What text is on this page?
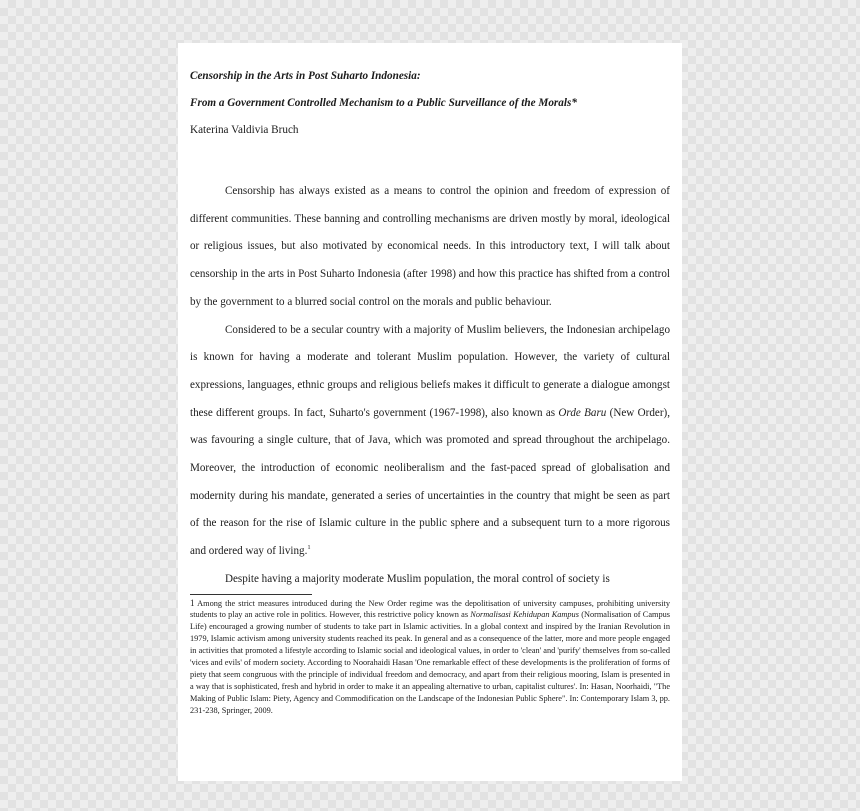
Censorship in the Arts in Post Suharto Indonesia:

From a Government Controlled Mechanism to a Public Surveillance of the Morals*

Katerina Valdivia Bruch

Censorship has always existed as a means to control the opinion and freedom of expression of different communities. These banning and controlling mechanisms are driven mostly by moral, ideological or religious issues, but also motivated by economical needs. In this introductory text, I will talk about censorship in the arts in Post Suharto Indonesia (after 1998) and how this practice has shifted from a control by the government to a blurred social control on the morals and public behaviour.

Considered to be a secular country with a majority of Muslim believers, the Indonesian archipelago is known for having a moderate and tolerant Muslim population. However, the variety of cultural expressions, languages, ethnic groups and religious beliefs makes it difficult to generate a dialogue amongst these different groups. In fact, Suharto's government (1967-1998), also known as Orde Baru (New Order), was favouring a single culture, that of Java, which was promoted and spread throughout the archipelago. Moreover, the introduction of economic neoliberalism and the fast-paced spread of globalisation and modernity during his mandate, generated a series of uncertainties in the country that might be seen as part of the reason for the rise of Islamic culture in the public sphere and a subsequent turn to a more rigorous and ordered way of living.$^1$

Despite having a majority moderate Muslim population, the moral control of society is

1 Among the strict measures introduced during the New Order regime was the depolitisation of university campuses, prohibiting university students to play an active role in politics. However, this restrictive policy known as Normalisasi Kehidupan Kampus (Normalisation of Campus Life) encouraged a growing number of students to take part in Islamic activities. In a global context and inspired by the Iranian Revolution in 1979, Islamic activism among university students reached its peak. In general and as a consequence of the latter, more and more people engaged in activities that promoted a lifestyle according to Islamic social and ideological values, in order to 'clean' and 'purify' themselves from so-called 'vices and evils' of modern society. According to Noorahaidi Hasan 'One remarkable effect of these developments is the proliferation of forms of piety that seem congruous with the principle of individual freedom and democracy, and apart from their religious mooring, Islam is presented in a way that is sophisticated, fresh and hybrid in order to make it an appealing alternative to urban, capitalist cultures'. In: Hasan, Noorhaidi, "The Making of Public Islam: Piety, Agency and Commodification on the Landscape of the Indonesian Public Sphere". In: Contemporary Islam 3, pp. 231-238, Springer, 2009.
